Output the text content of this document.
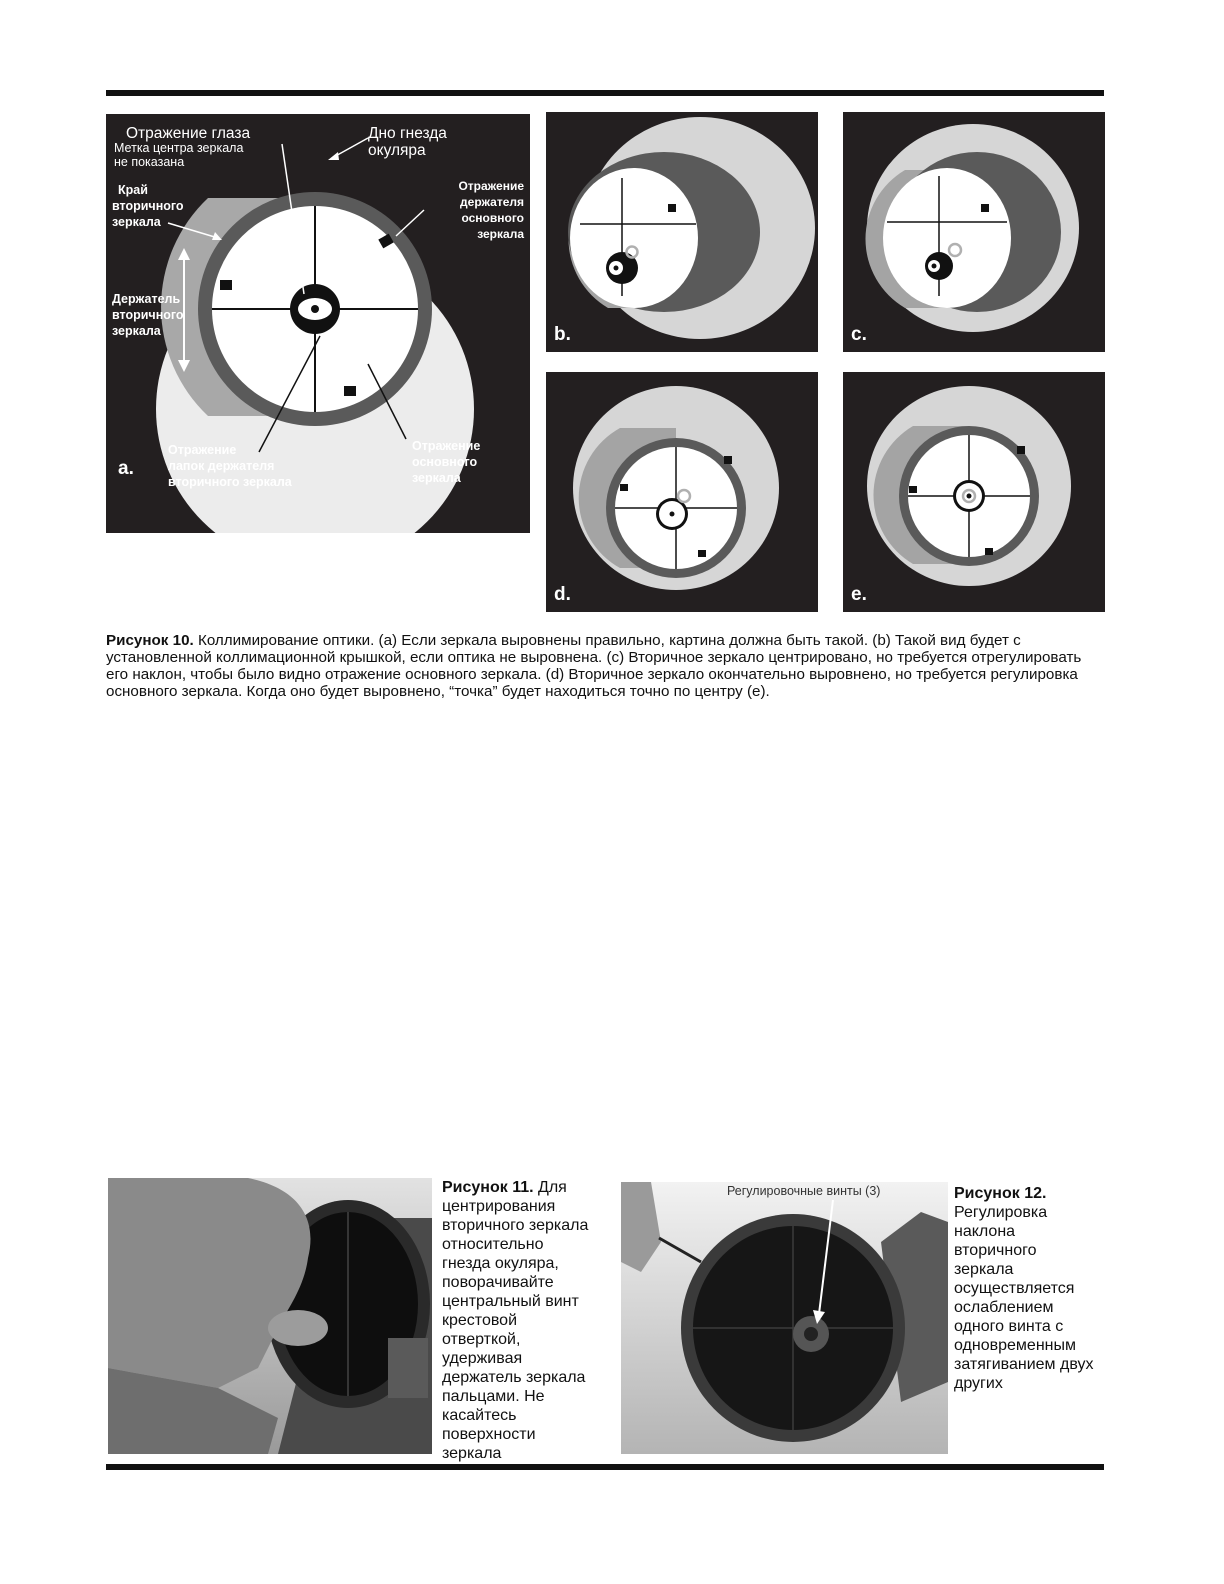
Отражение глаза
Метка центра зеркала
не показана
Дно гнезда
окуляра
Край
вторичного
зеркала
Отражение
держателя
основного
зеркала
Держатель
вторичного
зеркала
Отражение
лапок держателя
вторичного зеркала
Отражение
основного
зеркала
a.
b.	c.
d.	e.
Рисунок 10. Коллимирование оптики. (a) Если зеркала выровнены правильно, картина должна быть такой. (b) Такой вид будет с установленной коллимационной крышкой, если оптика не выровнена. (c) Вторичное зеркало центрировано, но требуется отрегулировать его наклон, чтобы было видно отражение основного зеркала. (d) Вторичное зеркало окончательно выровнено, но требуется регулировка основного зеркала. Когда оно будет выровнено, “точка” будет находиться точно по центру (e).
Рисунок 11. Для центрирования вторичного зеркала относительно гнезда окуляра, поворачивайте центральный винт крестовой отверткой, удерживая держатель зеркала пальцами. Не касайтесь поверхности зеркала
Регулировочные винты (3)	Рисунок 12. Регулировка наклона вторичного зеркала осуществляется ослаблением одного винта с одновременным затягиванием двух других
